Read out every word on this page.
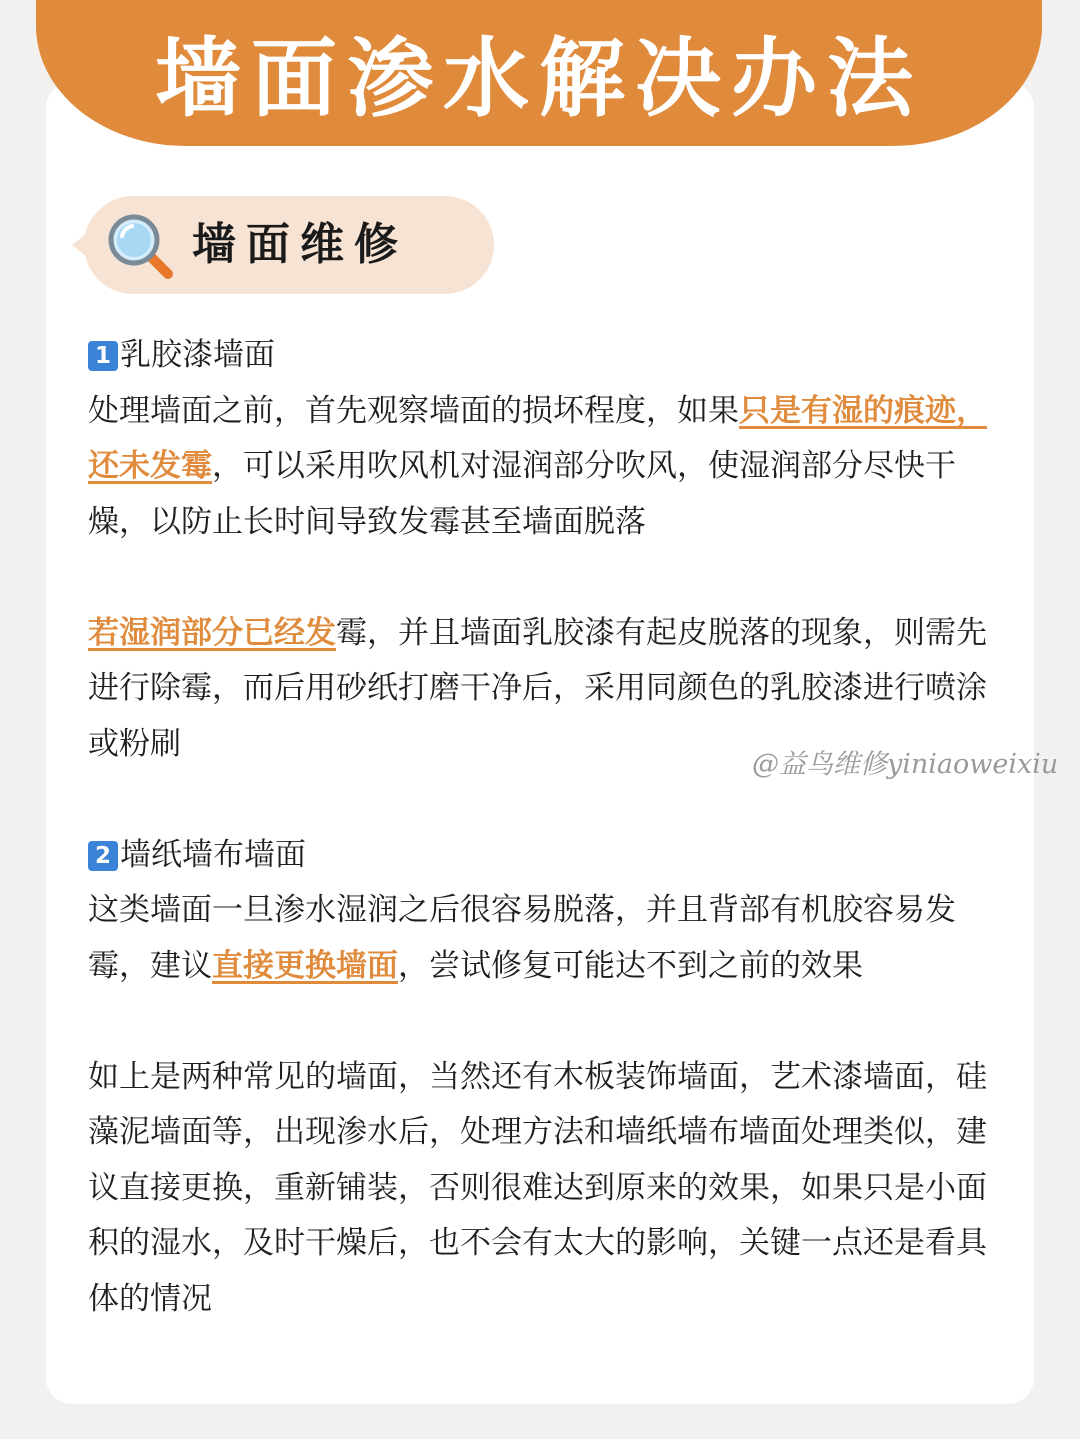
墙面渗水解决办法
墙面维修

1 乳胶漆墙面

处理墙面之前，首先观察墙面的损坏程度，如果只是有湿的痕迹，还未发霉，可以采用吹风机对湿润部分吹风，使湿润部分尽快干燥，以防止长时间导致发霉甚至墙面脱落

若湿润部分已经发霉，并且墙面乳胶漆有起皮脱落的现象，则需先进行除霉，而后用砂纸打磨干净后，采用同颜色的乳胶漆进行喷涂或粉刷

2 墙纸墙布墙面

这类墙面一旦渗水湿润之后很容易脱落，并且背部有机胶容易发霉，建议直接更换墙面，尝试修复可能达不到之前的效果

如上是两种常见的墙面，当然还有木板装饰墙面，艺术漆墙面，硅藻泥墙面等，出现渗水后，处理方法和墙纸墙布墙面处理类似，建议直接更换，重新铺装，否则很难达到原来的效果，如果只是小面积的湿水，及时干燥后，也不会有太大的影响，关键一点还是看具体的情况

@益鸟维修yiniaoweixiu
